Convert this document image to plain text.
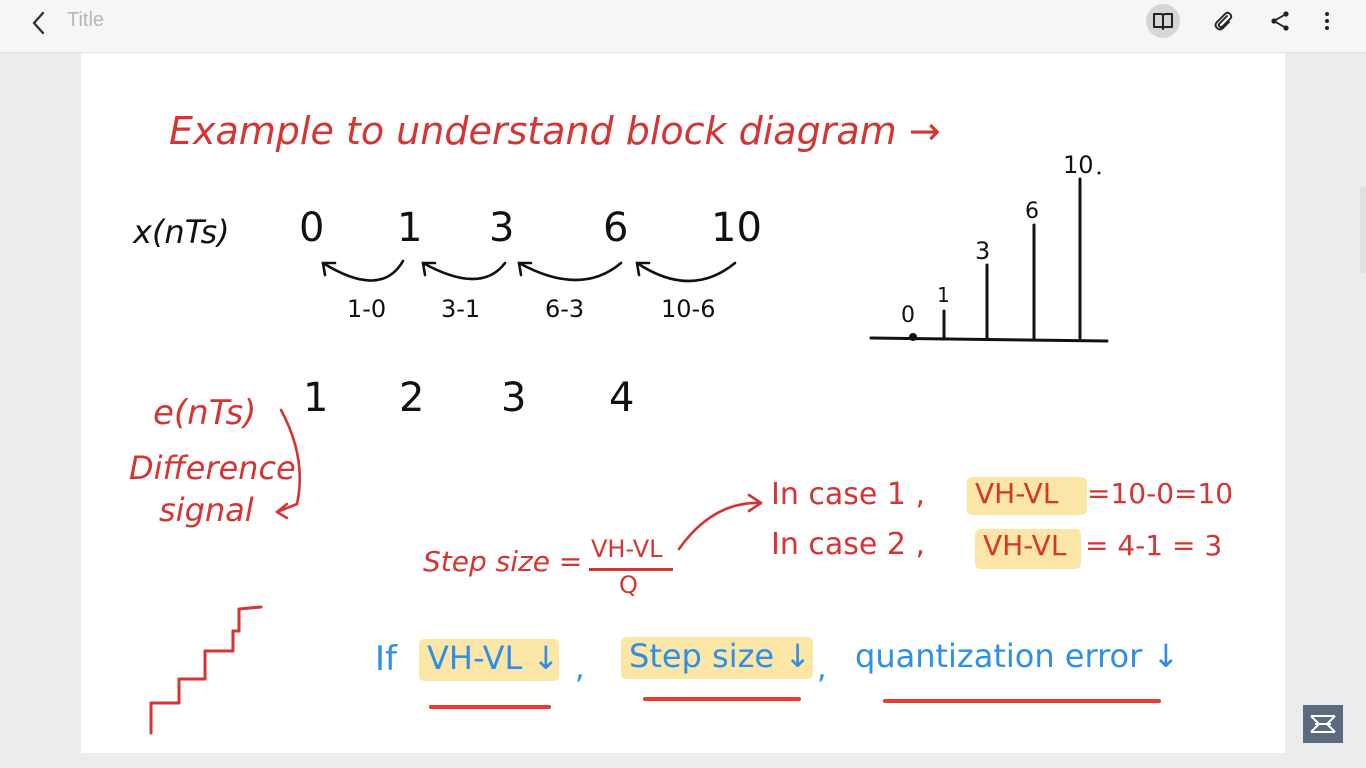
Title
Example to understand block diagram →
x(nTs) 0 1 3 6 10
1-0 3-1	6-3	10-6	0
1
3
6
10
e(nTs) 1 2 3 4
Difference
signal
Step size = VH-VL
Q
In case 1 , VH-VL =10-0=10
In case 2 , VH-VL = 4-1 = 3
If VH-VL ↓ , Step size ↓ , quantization error ↓
